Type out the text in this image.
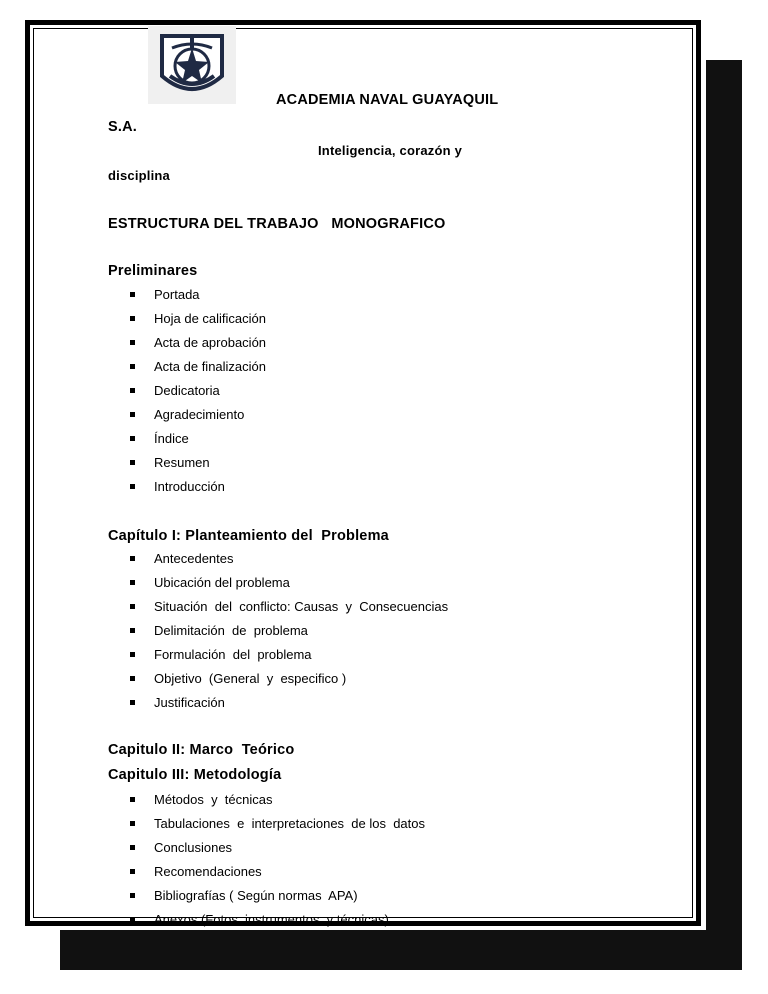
ACADEMIA NAVAL GUAYAQUIL
S.A.
Inteligencia, corazón y
disciplina
ESTRUCTURA DEL TRABAJO   MONOGRAFICO
Preliminares
Portada
Hoja de calificación
Acta de aprobación
Acta de finalización
Dedicatoria
Agradecimiento
Índice
Resumen
Introducción
Capítulo I: Planteamiento del  Problema
Antecedentes
Ubicación del problema
Situación  del  conflicto: Causas  y  Consecuencias
Delimitación  de  problema
Formulación  del  problema
Objetivo  (General  y  especifico )
Justificación
Capitulo II: Marco  Teórico
Capitulo III: Metodología
Métodos  y  técnicas
Tabulaciones  e  interpretaciones  de los  datos
Conclusiones
Recomendaciones
Bibliografías ( Según normas  APA)
Anexos (Fotos, instrumentos  y técnicas)
